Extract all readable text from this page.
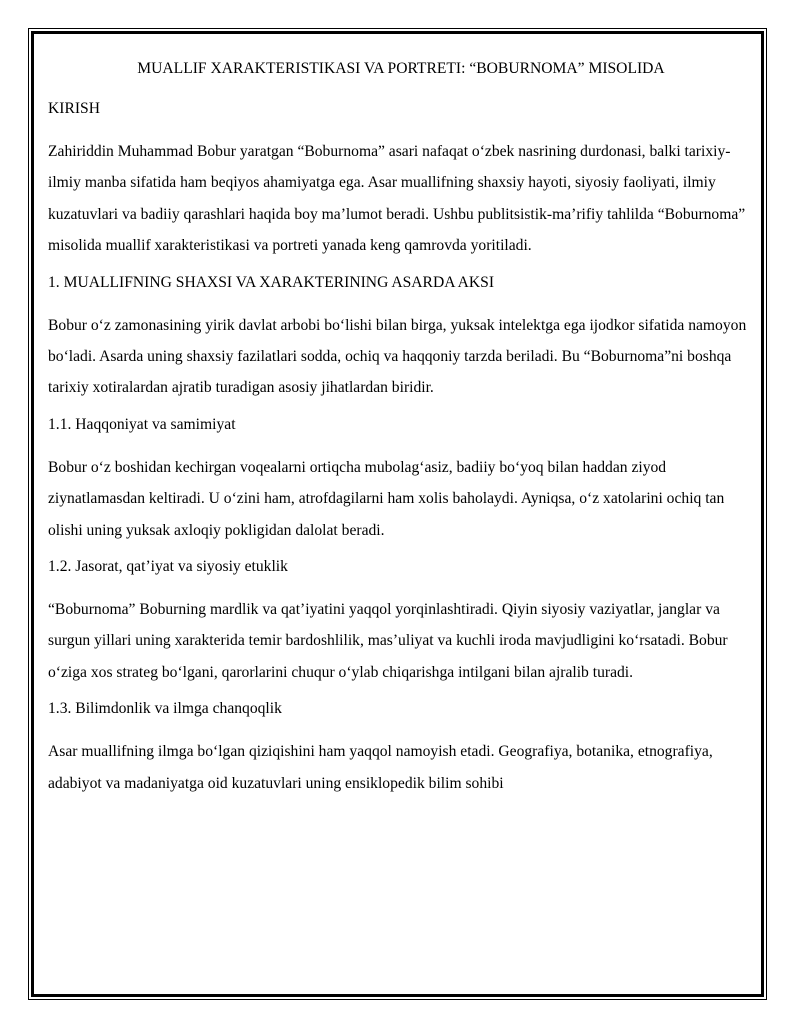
MUALLIF XARAKTERISTIKASI VA PORTRETI: “BOBURNOMA” MISOLIDA

KIRISH

Zahiriddin Muhammad Bobur yaratgan “Boburnoma” asari nafaqat o‘zbek nasrining durdonasi, balki tarixiy-ilmiy manba sifatida ham beqiyos ahamiyatga ega. Asar muallifning shaxsiy hayoti, siyosiy faoliyati, ilmiy kuzatuvlari va badiiy qarashlari haqida boy ma’lumot beradi. Ushbu publitsistik-ma’rifiy tahlilda “Boburnoma” misolida muallif xarakteristikasi va portreti yanada keng qamrovda yoritiladi.

1. MUALLIFNING SHAXSI VA XARAKTERINING ASARDA AKSI

Bobur o‘z zamonasining yirik davlat arbobi bo‘lishi bilan birga, yuksak intelektga ega ijodkor sifatida namoyon bo‘ladi. Asarda uning shaxsiy fazilatlari sodda, ochiq va haqqoniy tarzda beriladi. Bu “Boburnoma”ni boshqa tarixiy xotiralardan ajratib turadigan asosiy jihatlardan biridir.

1.1. Haqqoniyat va samimiyat

Bobur o‘z boshidan kechirgan voqealarni ortiqcha mubolag‘asiz, badiiy bo‘yoq bilan haddan ziyod ziynatlamasdan keltiradi. U o‘zini ham, atrofdagilarni ham xolis baholaydi. Ayniqsa, o‘z xatolarini ochiq tan olishi uning yuksak axloqiy pokligidan dalolat beradi.

1.2. Jasorat, qat’iyat va siyosiy etuklik

“Boburnoma” Boburning mardlik va qat’iyatini yaqqol yorqinlashtiradi. Qiyin siyosiy vaziyatlar, janglar va surgun yillari uning xarakterida temir bardoshlilik, mas’uliyat va kuchli iroda mavjudligini ko‘rsatadi. Bobur o‘ziga xos strateg bo‘lgani, qarorlarini chuqur o‘ylab chiqarishga intilgani bilan ajralib turadi.

1.3. Bilimdonlik va ilmga chanqoqlik

Asar muallifning ilmga bo‘lgan qiziqishini ham yaqqol namoyish etadi. Geografiya, botanika, etnografiya, adabiyot va madaniyatga oid kuzatuvlari uning ensiklopedik bilim sohibi
